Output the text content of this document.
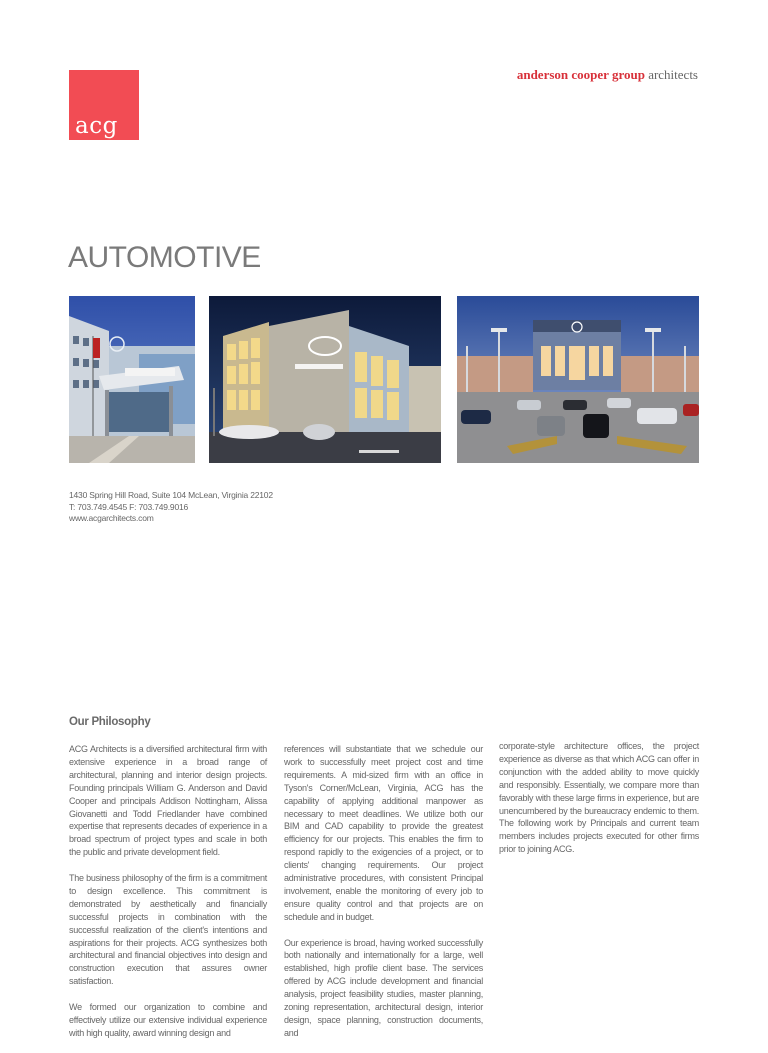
acg
anderson cooper group architects
AUTOMOTIVE
1430 Spring Hill Road, Suite 104 McLean, Virginia 22102
T: 703.749.4545 F: 703.749.9016
www.acgarchitects.com
Our Philosophy

ACG Architects is a diversified architectural firm with extensive experience in a broad range of architectural, planning and interior design projects. Founding principals William G. Anderson and David Cooper and principals Addison Nottingham, Alissa Giovanetti and Todd Friedlander have combined expertise that represents decades of experience in a broad spectrum of project types and scale in both the public and private development field.

The business philosophy of the firm is a commitment to design excellence. This commitment is demonstrated by aesthetically and financially successful projects in combination with the successful realization of the client's intentions and aspirations for their projects. ACG synthesizes both architectural and financial objectives into design and construction execution that assures owner satisfaction.

We formed our organization to combine and effectively utilize our extensive individual experience with high quality, award winning design and

references will substantiate that we schedule our work to successfully meet project cost and time requirements. A mid-sized firm with an office in Tyson's Corner/McLean, Virginia, ACG has the capability of applying additional manpower as necessary to meet deadlines. We utilize both our BIM and CAD capability to provide the greatest efficiency for our projects. This enables the firm to respond rapidly to the exigencies of a project, or to clients' changing requirements. Our project administrative procedures, with consistent Principal involvement, enable the monitoring of every job to ensure quality control and that projects are on schedule and in budget.

Our experience is broad, having worked successfully both nationally and internationally for a large, well established, high profile client base. The services offered by ACG include development and financial analysis, project feasibility studies, master planning, zoning representation, architectural design, interior design, space planning, construction documents, and

corporate-style architecture offices, the project experience as diverse as that which ACG can offer in conjunction with the added ability to move quickly and responsibly. Essentially, we compare more than favorably with these large firms in experience, but are unencumbered by the bureaucracy endemic to them. The following work by Principals and current team members includes projects executed for other firms prior to joining ACG.
